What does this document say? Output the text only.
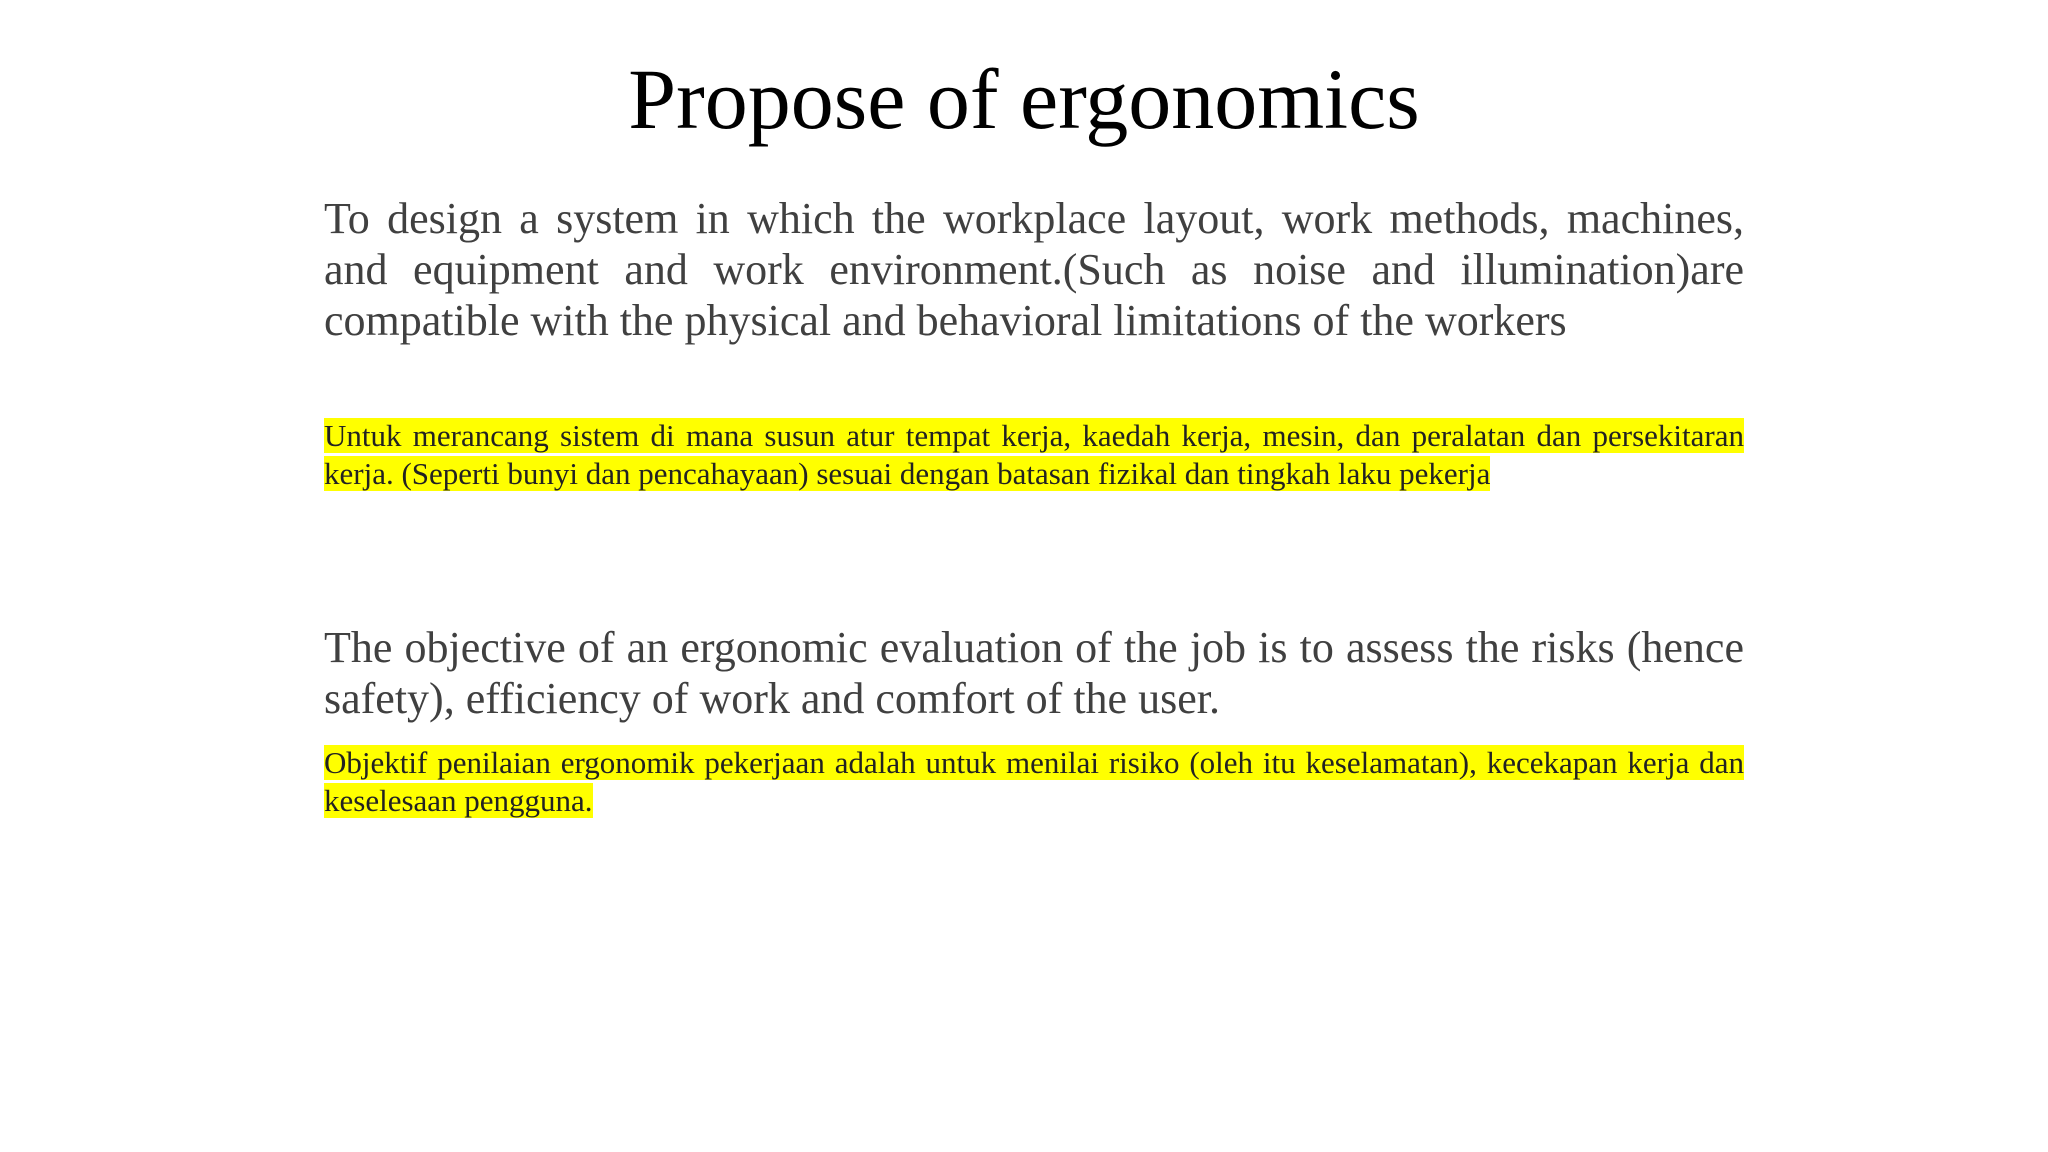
Propose of ergonomics

To design a system in which the workplace layout, work methods, machines, and equipment and work environment.(Such as noise and illumination)are compatible with the physical and behavioral limitations of the workers

Untuk merancang sistem di mana susun atur tempat kerja, kaedah kerja, mesin, dan peralatan dan persekitaran kerja. (Seperti bunyi dan pencahayaan) sesuai dengan batasan fizikal dan tingkah laku pekerja

The objective of an ergonomic evaluation of the job is to assess the risks (hence safety), efficiency of work and comfort of the user.

Objektif penilaian ergonomik pekerjaan adalah untuk menilai risiko (oleh itu keselamatan), kecekapan kerja dan keselesaan pengguna.
